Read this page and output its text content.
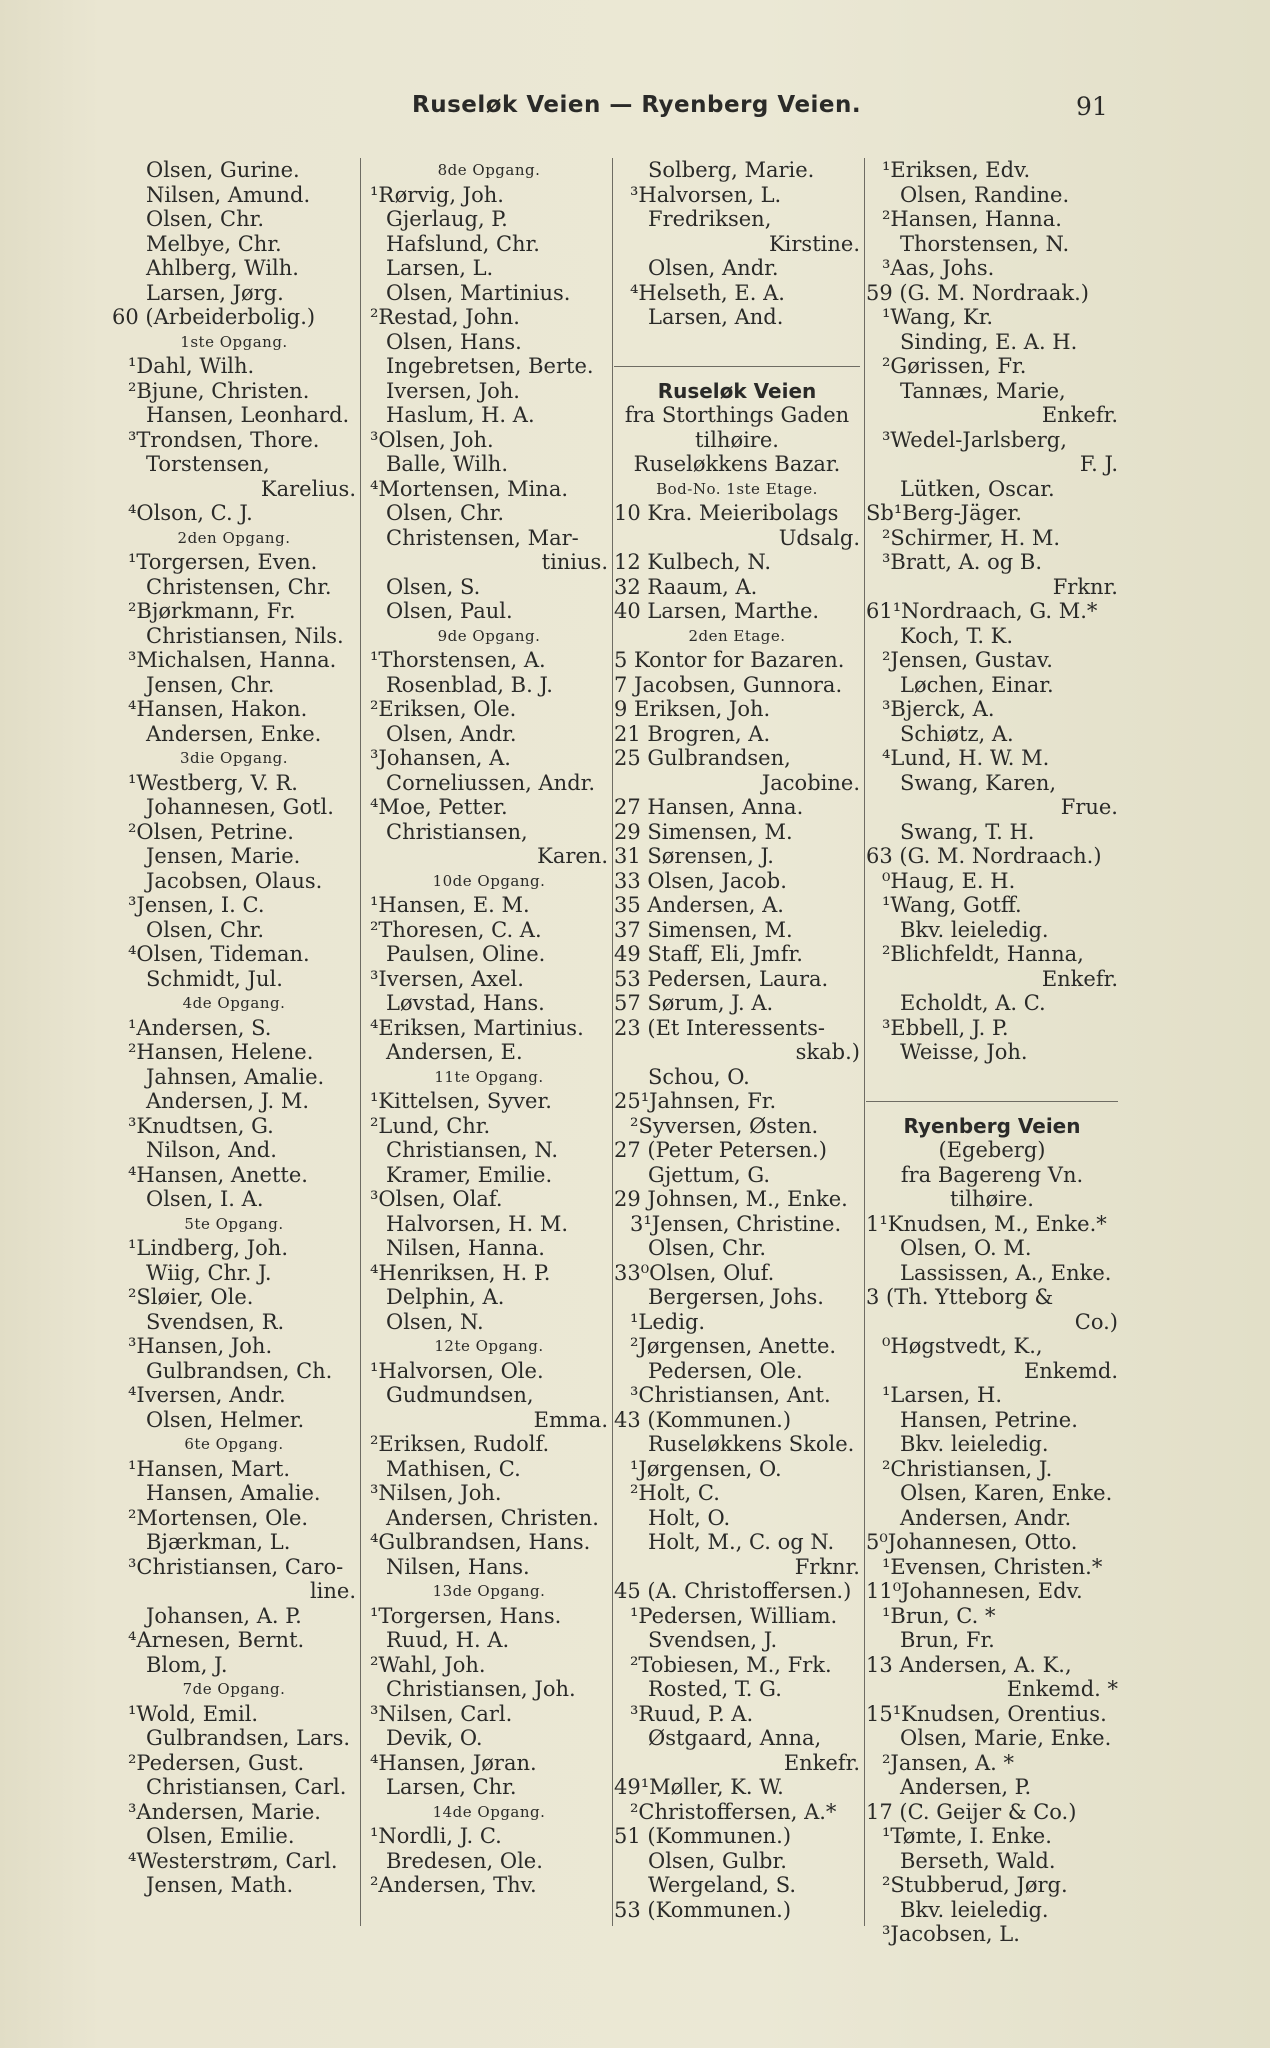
Ruseløk Veien — Ryenberg Veien.	91
Olsen, Gurine.
Nilsen, Amund.
Olsen, Chr.
Melbye, Chr.
Ahlberg, Wilh.
Larsen, Jørg.
60 (Arbeiderbolig.)
1ste Opgang.
¹Dahl, Wilh.
²Bjune, Christen.
Hansen, Leonhard.
³Trondsen, Thore.
Torstensen,
Karelius.
⁴Olson, C. J.
2den Opgang.
¹Torgersen, Even.
Christensen, Chr.
²Bjørkmann, Fr.
Christiansen, Nils.
³Michalsen, Hanna.
Jensen, Chr.
⁴Hansen, Hakon.
Andersen, Enke.
3die Opgang.
¹Westberg, V. R.
Johannesen, Gotl.
²Olsen, Petrine.
Jensen, Marie.
Jacobsen, Olaus.
³Jensen, I. C.
Olsen, Chr.
⁴Olsen, Tideman.
Schmidt, Jul.
4de Opgang.
¹Andersen, S.
²Hansen, Helene.
Jahnsen, Amalie.
Andersen, J. M.
³Knudtsen, G.
Nilson, And.
⁴Hansen, Anette.
Olsen, I. A.
5te Opgang.
¹Lindberg, Joh.
Wiig, Chr. J.
²Sløier, Ole.
Svendsen, R.
³Hansen, Joh.
Gulbrandsen, Ch.
⁴Iversen, Andr.
Olsen, Helmer.
6te Opgang.
¹Hansen, Mart.
Hansen, Amalie.
²Mortensen, Ole.
Bjærkman, L.
³Christiansen, Caro-
line.
Johansen, A. P.
⁴Arnesen, Bernt.
Blom, J.
7de Opgang.
¹Wold, Emil.
Gulbrandsen, Lars.
²Pedersen, Gust.
Christiansen, Carl.
³Andersen, Marie.
Olsen, Emilie.
⁴Westerstrøm, Carl.
Jensen, Math.
8de Opgang.
¹Rørvig, Joh.
Gjerlaug, P.
Hafslund, Chr.
Larsen, L.
Olsen, Martinius.
²Restad, John.
Olsen, Hans.
Ingebretsen, Berte.
Iversen, Joh.
Haslum, H. A.
³Olsen, Joh.
Balle, Wilh.
⁴Mortensen, Mina.
Olsen, Chr.
Christensen, Mar-
tinius.
Olsen, S.
Olsen, Paul.
9de Opgang.
¹Thorstensen, A.
Rosenblad, B. J.
²Eriksen, Ole.
Olsen, Andr.
³Johansen, A.
Corneliussen, Andr.
⁴Moe, Petter.
Christiansen,
Karen.
10de Opgang.
¹Hansen, E. M.
²Thoresen, C. A.
Paulsen, Oline.
³Iversen, Axel.
Løvstad, Hans.
⁴Eriksen, Martinius.
Andersen, E.
11te Opgang.
¹Kittelsen, Syver.
²Lund, Chr.
Christiansen, N.
Kramer, Emilie.
³Olsen, Olaf.
Halvorsen, H. M.
Nilsen, Hanna.
⁴Henriksen, H. P.
Delphin, A.
Olsen, N.
12te Opgang.
¹Halvorsen, Ole.
Gudmundsen,
Emma.
²Eriksen, Rudolf.
Mathisen, C.
³Nilsen, Joh.
Andersen, Christen.
⁴Gulbrandsen, Hans.
Nilsen, Hans.
13de Opgang.
¹Torgersen, Hans.
Ruud, H. A.
²Wahl, Joh.
Christiansen, Joh.
³Nilsen, Carl.
Devik, O.
⁴Hansen, Jøran.
Larsen, Chr.
14de Opgang.
¹Nordli, J. C.
Bredesen, Ole.
²Andersen, Thv.
Solberg, Marie.
³Halvorsen, L.
Fredriksen,
Kirstine.
Olsen, Andr.
⁴Helseth, E. A.
Larsen, And.
Ruseløk Veien
fra Storthings Gaden
tilhøire.
Ruseløkkens Bazar.
Bod-No. 1ste Etage.
10 Kra. Meieribolags
Udsalg.
12 Kulbech, N.
32 Raaum, A.
40 Larsen, Marthe.
2den Etage.
5 Kontor for Bazaren.
7 Jacobsen, Gunnora.
9 Eriksen, Joh.
21 Brogren, A.
25 Gulbrandsen,
Jacobine.
27 Hansen, Anna.
29 Simensen, M.
31 Sørensen, J.
33 Olsen, Jacob.
35 Andersen, A.
37 Simensen, M.
49 Staff, Eli, Jmfr.
53 Pedersen, Laura.
57 Sørum, J. A.
23 (Et Interessents-
skab.)
Schou, O.
25¹Jahnsen, Fr.
²Syversen, Østen.
27 (Peter Petersen.)
Gjettum, G.
29 Johnsen, M., Enke.
3¹Jensen, Christine.
Olsen, Chr.
33⁰Olsen, Oluf.
Bergersen, Johs.
¹Ledig.
²Jørgensen, Anette.
Pedersen, Ole.
³Christiansen, Ant.
43 (Kommunen.)
Ruseløkkens Skole.
¹Jørgensen, O.
²Holt, C.
Holt, O.
Holt, M., C. og N.
Frknr.
45 (A. Christoffersen.)
¹Pedersen, William.
Svendsen, J.
²Tobiesen, M., Frk.
Rosted, T. G.
³Ruud, P. A.
Østgaard, Anna,
Enkefr.
49¹Møller, K. W.
²Christoffersen, A.*
51 (Kommunen.)
Olsen, Gulbr.
Wergeland, S.
53 (Kommunen.)
¹Eriksen, Edv.
Olsen, Randine.
²Hansen, Hanna.
Thorstensen, N.
³Aas, Johs.
59 (G. M. Nordraak.)
¹Wang, Kr.
Sinding, E. A. H.
²Gørissen, Fr.
Tannæs, Marie,
Enkefr.
³Wedel-Jarlsberg,
F. J.
Lütken, Oscar.
Sb¹Berg-Jäger.
²Schirmer, H. M.
³Bratt, A. og B.
Frknr.
61¹Nordraach, G. M.*
Koch, T. K.
²Jensen, Gustav.
Løchen, Einar.
³Bjerck, A.
Schiøtz, A.
⁴Lund, H. W. M.
Swang, Karen,
Frue.
Swang, T. H.
63 (G. M. Nordraach.)
⁰Haug, E. H.
¹Wang, Gotff.
Bkv. leieledig.
²Blichfeldt, Hanna,
Enkefr.
Echoldt, A. C.
³Ebbell, J. P.
Weisse, Joh.
Ryenberg Veien
(Egeberg)
fra Bagereng Vn.
tilhøire.
1¹Knudsen, M., Enke.*
Olsen, O. M.
Lassissen, A., Enke.
3 (Th. Ytteborg &
Co.)
⁰Høgstvedt, K.,
Enkemd.
¹Larsen, H.
Hansen, Petrine.
Bkv. leieledig.
²Christiansen, J.
Olsen, Karen, Enke.
Andersen, Andr.
5⁰Johannesen, Otto.
¹Evensen, Christen.*
11⁰Johannesen, Edv.
¹Brun, C. *
Brun, Fr.
13 Andersen, A. K.,
Enkemd. *
15¹Knudsen, Orentius.
Olsen, Marie, Enke.
²Jansen, A. *
Andersen, P.
17 (C. Geijer & Co.)
¹Tømte, I. Enke.
Berseth, Wald.
²Stubberud, Jørg.
Bkv. leieledig.
³Jacobsen, L.
